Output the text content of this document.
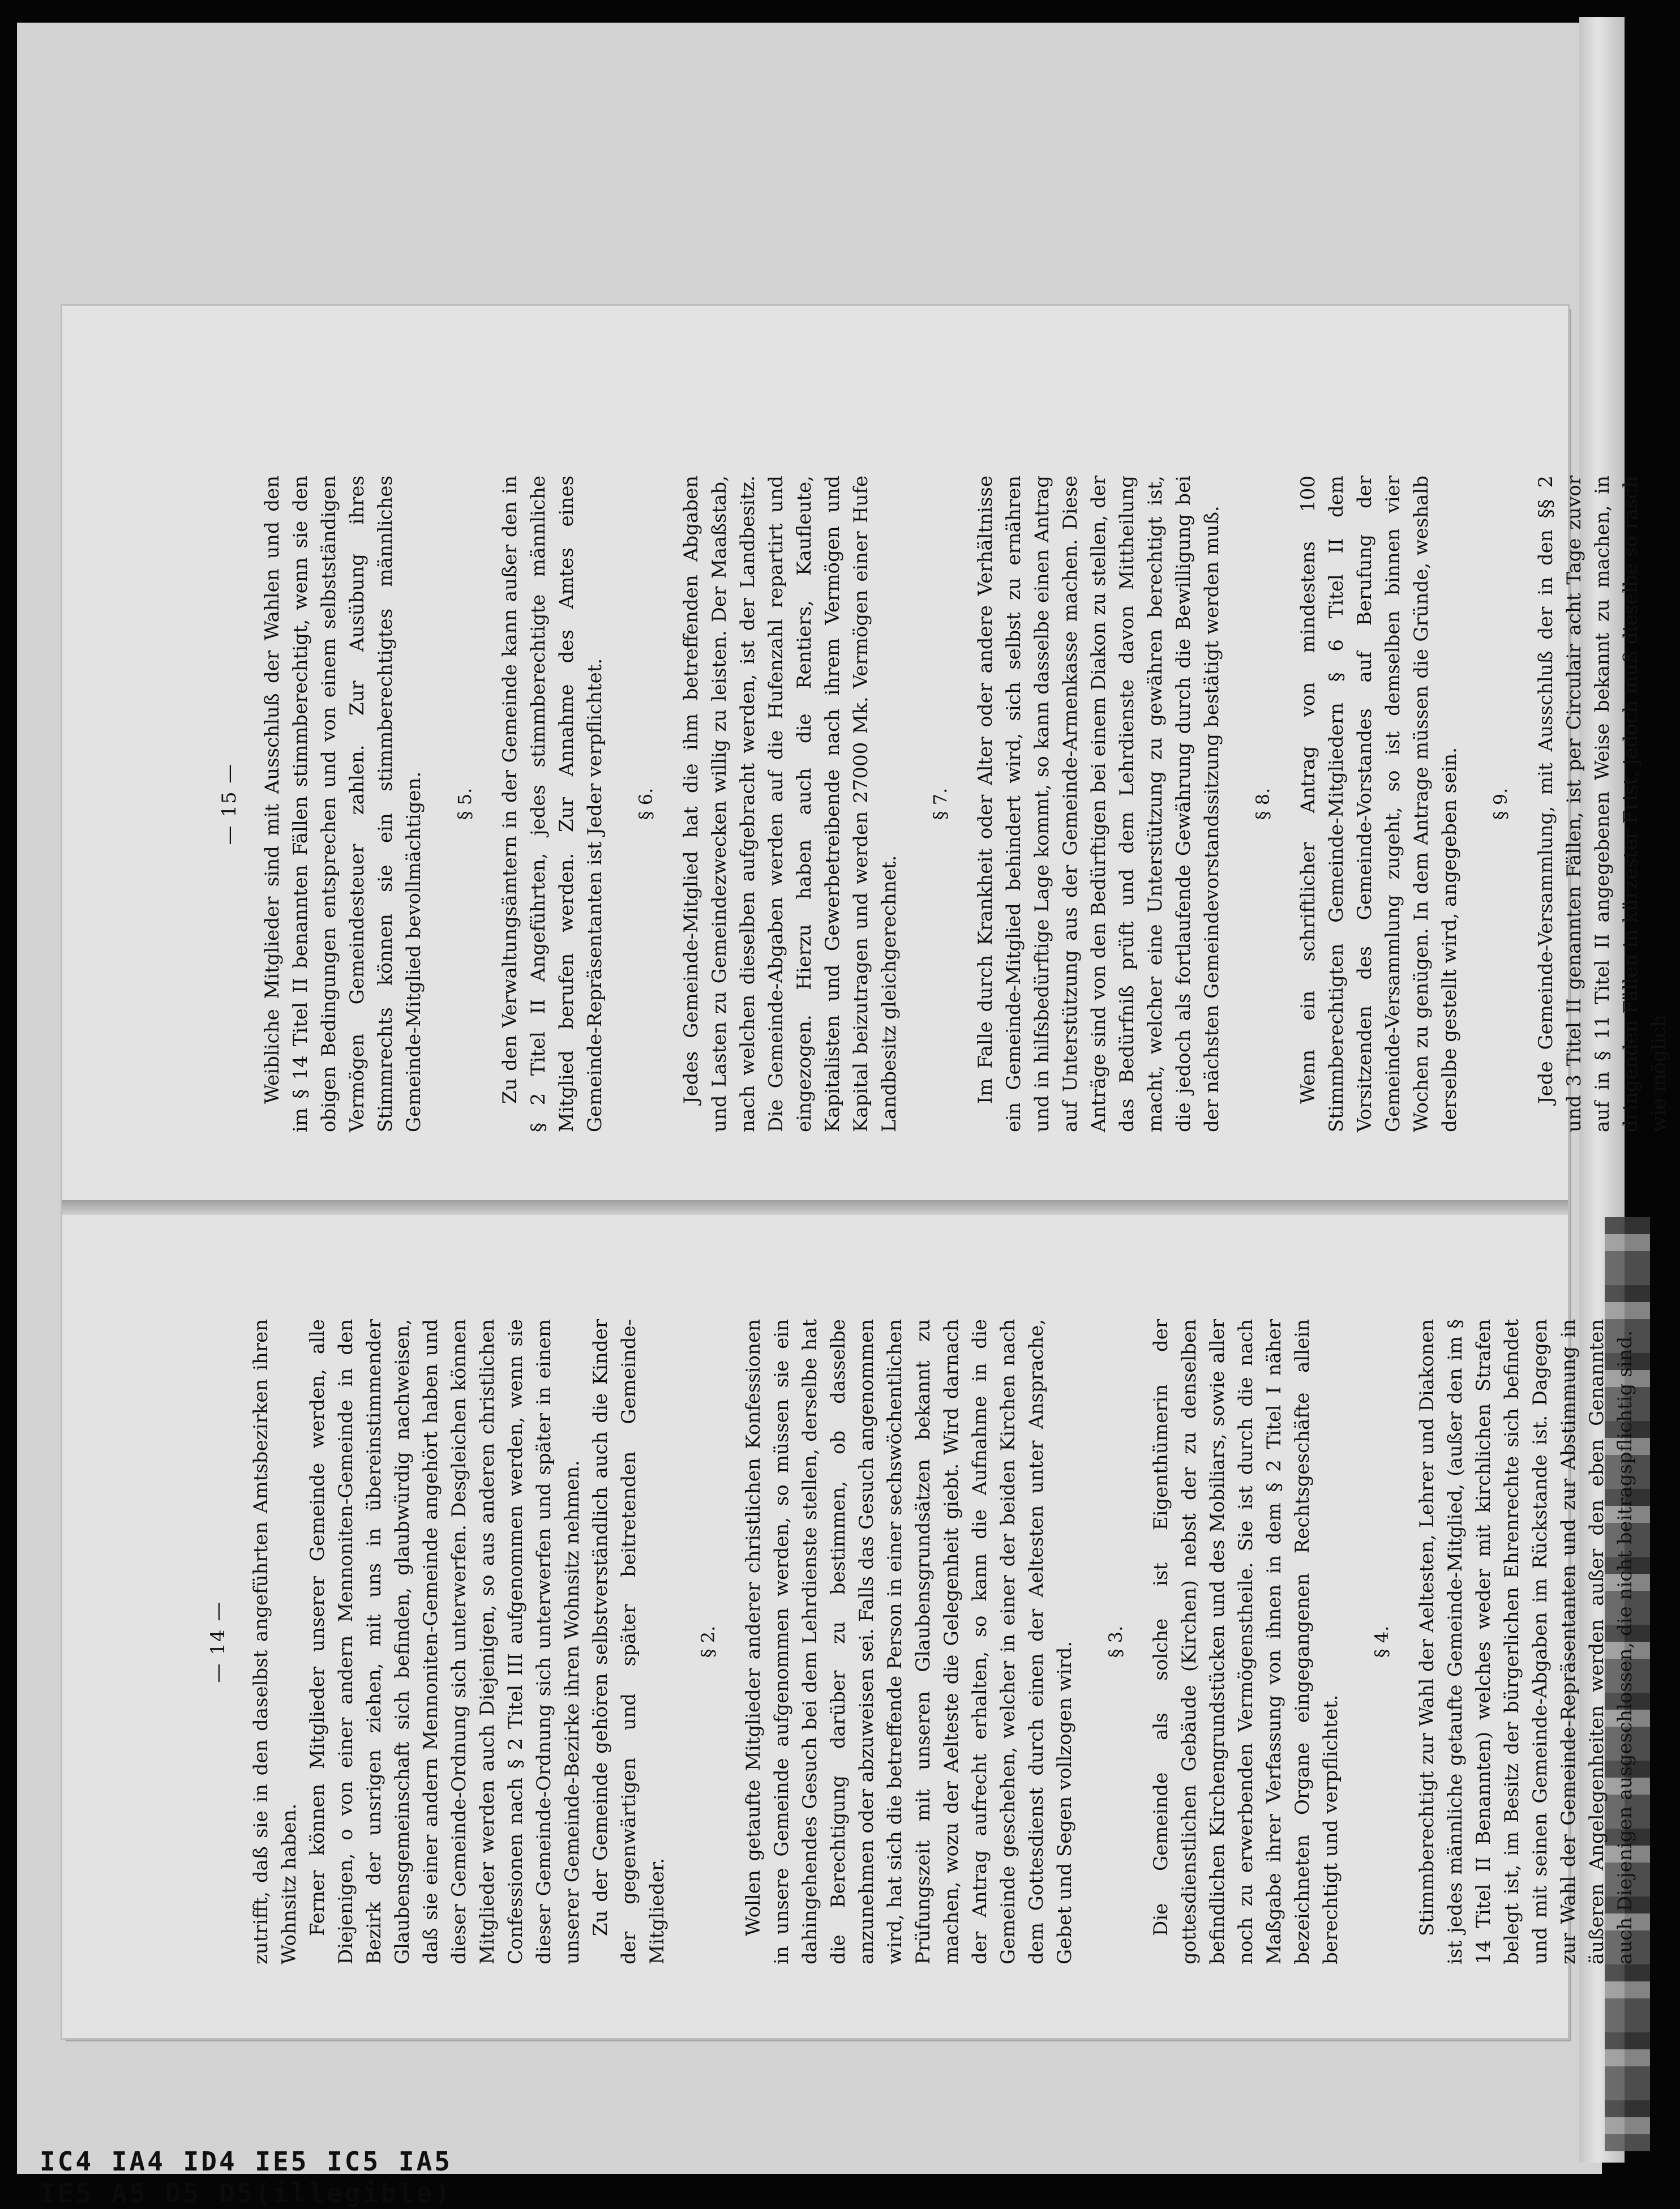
— 14 — zutrifft, daß sie in den daselbst angeführten Amtsbezirken ihren Wohnsitz haben. Ferner können Mitglieder unserer Gemeinde werden, alle Diejenigen, o von einer andern Mennoniten-Gemeinde in den Bezirk der unsrigen ziehen, mit uns in übereinstimmender Glaubensgemeinschaft sich befinden, glaubwürdig nachweisen, daß sie einer andern Mennoniten-Gemeinde angehört haben und dieser Gemeinde-Ordnung sich unterwerfen. Desgleichen können Mitglieder werden auch Diejenigen, so aus anderen christlichen Confessionen nach § 2 Titel III aufgenommen werden, wenn sie dieser Gemeinde-Ordnung sich unterwerfen und später in einem unserer Gemeinde-Bezirke ihren Wohnsitz nehmen. Zu der Gemeinde gehören selbstverständlich auch die Kinder der gegenwärtigen und später beitretenden Gemeinde-Mitglieder.

§ 2. Wollen getaufte Mitglieder anderer christlichen Konfessionen in unsere Gemeinde aufgenommen werden, so müssen sie ein dahingehendes Gesuch bei dem Lehrdienste stellen, derselbe hat die Berechtigung darüber zu bestimmen, ob dasselbe anzunehmen oder abzuweisen sei. Falls das Gesuch angenommen wird, hat sich die betreffende Person in einer sechswöchentlichen Prüfungszeit mit unseren Glaubensgrundsätzen bekannt zu machen, wozu der Aelteste die Gelegenheit giebt. Wird darnach der Antrag aufrecht erhalten, so kann die Aufnahme in die Gemeinde geschehen, welcher in einer der beiden Kirchen nach dem Gottesdienst durch einen der Aeltesten unter Ansprache, Gebet und Segen vollzogen wird. § 3. Die Gemeinde als solche ist Eigenthümerin der gottesdienstlichen Gebäude (Kirchen) nebst der zu denselben befindlichen Kirchengrundstücken und des Mobiliars, sowie aller noch zu erwerbenden Vermögenstheile. Sie ist durch die nach Maßgabe ihrer Verfassung von ihnen in dem § 2 Titel I näher bezeichneten Organe eingegangenen Rechtsgeschäfte allein berechtigt und verpflichtet.

§ 4. Stimmberechtigt zur Wahl der Aeltesten, Lehrer und Diakonen ist jedes männliche getaufte Gemeinde-Mitglied, (außer den im § 14 Titel II Benannten) welches weder mit kirchlichen Strafen belegt ist, im Besitz der bürgerlichen Ehrenrechte sich befindet und mit seinen Gemeinde-Abgaben im Rückstande ist. Dagegen zur Wahl der Gemeinde-Repräsentanten und zur Abstimmung in äußeren Angelegenheiten werden außer den eben Genannten auch Diejenigen ausgeschlossen, die nicht beitragspflichtig sind.

— 15 — Weibliche Mitglieder sind mit Ausschluß der Wahlen und den im § 14 Titel II benannten Fällen stimmberechtigt, wenn sie den obigen Bedingungen entsprechen und von einem selbstständigen Vermögen Gemeindesteuer zahlen. Zur Ausübung ihres Stimmrechts können sie ein stimmberechtigtes männliches Gemeinde-Mitglied bevollmächtigen. § 5. Zu den Verwaltungsämtern in der Gemeinde kann außer den in § 2 Titel II Angeführten, jedes stimmberechtigte männliche Mitglied berufen werden. Zur Annahme des Amtes eines Gemeinde-Repräsentanten ist Jeder verpflichtet. § 6. Jedes Gemeinde-Mitglied hat die ihm betreffenden Abgaben und Lasten zu Gemeindezwecken willig zu leisten. Der Maaßstab, nach welchen dieselben aufgebracht werden, ist der Landbesitz. Die Gemeinde-Abgaben werden auf die Hufenzahl repartirt und eingezogen. Hierzu haben auch die Rentiers, Kaufleute, Kapitalisten und Gewerbetreibende nach ihrem Vermögen und Kapital beizutragen und werden 27000 Mk. Vermögen einer Hufe Landbesitz gleichgerechnet.

§ 7. Im Falle durch Krankheit oder Alter oder andere Verhältnisse ein Gemeinde-Mitglied behindert wird, sich selbst zu ernähren und in hilfsbedürftige Lage kommt, so kann dasselbe einen Antrag auf Unterstützung aus der Gemeinde-Armenkasse machen. Diese Anträge sind von den Bedürftigen bei einem Diakon zu stellen, der das Bedürfniß prüft und dem Lehrdienste davon Mittheilung macht, welcher eine Unterstützung zu gewähren berechtigt ist, die jedoch als fortlaufende Gewährung durch die Bewilligung bei der nächsten Gemeindevorstandssitzung bestätigt werden muß. § 8. Wenn ein schriftlicher Antrag von mindestens 100 Stimmberechtigten Gemeinde-Mitgliedern § 6 Titel II dem Vorsitzenden des Gemeinde-Vorstandes auf Berufung der Gemeinde-Versammlung zugeht, so ist demselben binnen vier Wochen zu genügen. In dem Antrage müssen die Gründe, weshalb derselbe gestellt wird, angegeben sein. § 9. Jede Gemeinde-Versammlung, mit Ausschluß der in den §§ 2 und 3 Titel II genannten Fällen, ist per Circulair acht Tage zuvor auf in § 11 Titel II angegebenen Weise bekannt zu machen, in dringenden Fällen in kürzester Frist, jedoch muß dieselbe so rasch wie möglich

IC4 IA4 ID4 IE5 IC5 IA5
IE5 A5 D5 D5(illegible)
